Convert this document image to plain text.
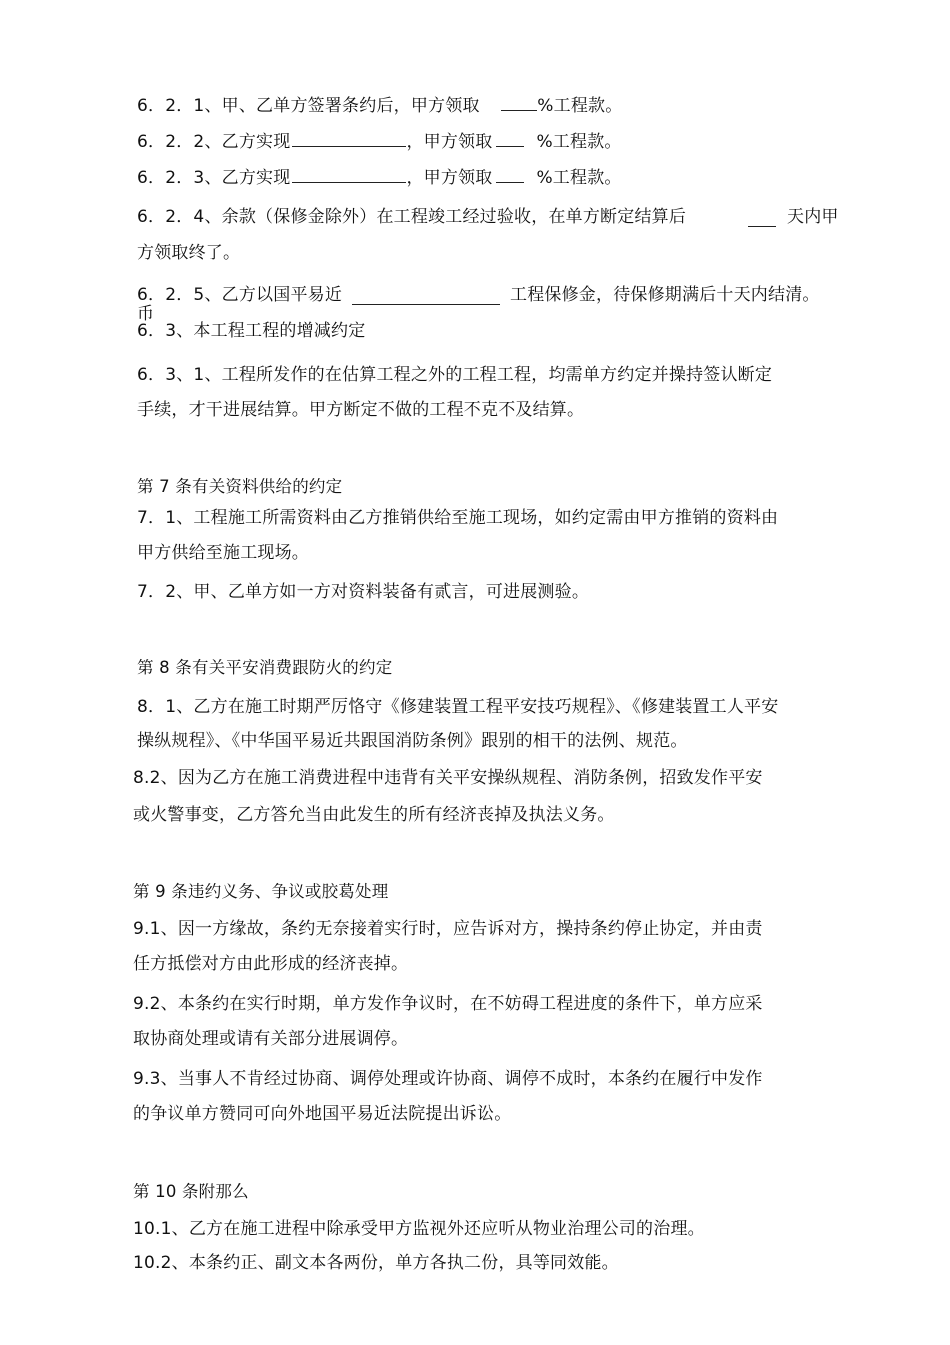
6．2．1、甲、乙单方签署条约后，甲方领取	%工程款。
6．2．2、乙方实现	，甲方领取	%工程款。
6．2．3、乙方实现	，甲方领取	%工程款。
6．2．4、余款（保修金除外）在工程竣工经过验收，在单方断定结算后	天内甲
方领取终了。
6．2．5、乙方以国平易近	工程保修金，待保修期满后十天内结清。
币
6．3、本工程工程的增减约定
6．3、1、工程所发作的在估算工程之外的工程工程，均需单方约定并操持签认断定
手续，才干进展结算。甲方断定不做的工程不克不及结算。
第 7 条有关资料供给的约定
7．1、工程施工所需资料由乙方推销供给至施工现场，如约定需由甲方推销的资料由
甲方供给至施工现场。
7．2、甲、乙单方如一方对资料装备有贰言，可进展测验。
第 8 条有关平安消费跟防火的约定
8．1、乙方在施工时期严厉恪守《修建装置工程平安技巧规程》、《修建装置工人平安
操纵规程》、《中华国平易近共跟国消防条例》跟别的相干的法例、规范。
8.2、因为乙方在施工消费进程中违背有关平安操纵规程、消防条例，招致发作平安
或火警事变，乙方答允当由此发生的所有经济丧掉及执法义务。
第 9 条违约义务、争议或胶葛处理
9.1、因一方缘故，条约无奈接着实行时，应告诉对方，操持条约停止协定，并由责
任方抵偿对方由此形成的经济丧掉。
9.2、本条约在实行时期，单方发作争议时，在不妨碍工程进度的条件下，单方应采
取协商处理或请有关部分进展调停。
9.3、当事人不肯经过协商、调停处理或许协商、调停不成时，本条约在履行中发作
的争议单方赞同可向外地国平易近法院提出诉讼。
第 10 条附那么
10.1、乙方在施工进程中除承受甲方监视外还应听从物业治理公司的治理。
10.2、本条约正、副文本各两份，单方各执二份，具等同效能。
